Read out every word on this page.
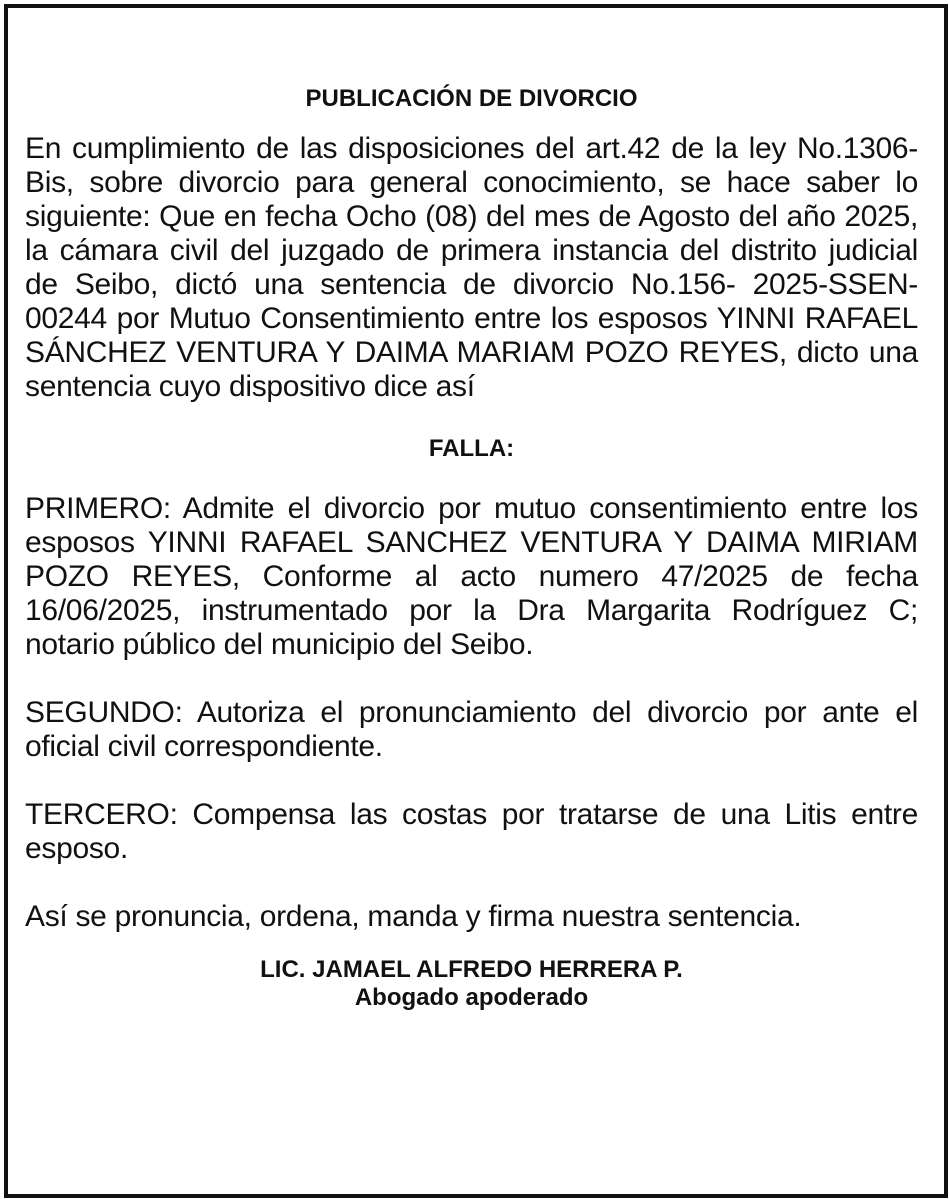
PUBLICACIÓN DE DIVORCIO

En cumplimiento de las disposiciones del art.42 de la ley No.1306-Bis, sobre divorcio para general conocimiento, se hace saber lo siguiente: Que en fecha Ocho (08) del mes de Agosto del año 2025, la cámara civil del juzgado de primera instancia del distrito judicial de Seibo, dictó una sentencia de divorcio No.156- 2025-SSEN-00244 por Mutuo Consentimiento entre los esposos YINNI RAFAEL SÁNCHEZ VENTURA Y DAIMA MARIAM POZO REYES, dicto una sentencia cuyo dispositivo dice así

FALLA:

PRIMERO: Admite el divorcio por mutuo consentimiento entre los esposos YINNI RAFAEL SANCHEZ VENTURA Y DAIMA MIRIAM POZO REYES, Conforme al acto numero 47/2025 de fecha 16/06/2025, instrumentado por la Dra Margarita Rodríguez C; notario público del municipio del Seibo.

SEGUNDO: Autoriza el pronunciamiento del divorcio por ante el oficial civil correspondiente.

TERCERO: Compensa las costas por tratarse de una Litis entre esposo.

Así se pronuncia, ordena, manda y firma nuestra sentencia.

LIC. JAMAEL ALFREDO HERRERA P.
Abogado apoderado
